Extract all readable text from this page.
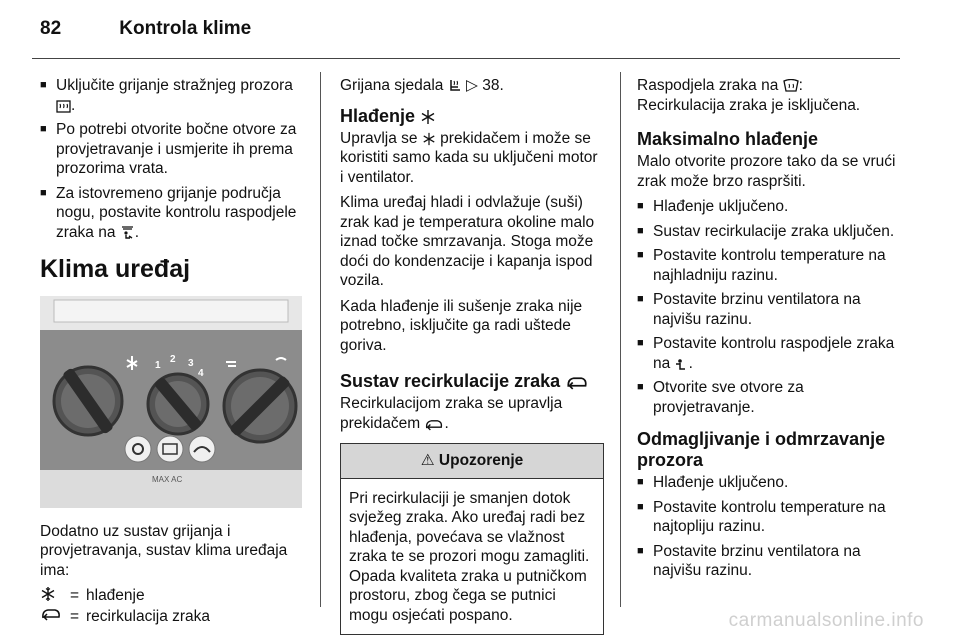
82	Kontrola klime
■ Uključite grijanje stražnjeg prozora .
■ Po potrebi otvorite bočne otvore za provjetravanje i usmjerite ih prema prozorima vrata.
■ Za istovremeno grijanje područja nogu, postavite kontrolu raspodjele zraka na .
Klima uređaj
1
2 3
4
MAX AC

Dodatno uz sustav grijanja i provjetravanja, sustav klima uređaja ima:

= hlađenje
= recirkulacija zraka

Grijana sjedala ▷ 38.

Hlađenje

Upravlja se prekidačem i može se koristiti samo kada su uključeni motor i ventilator.

Klima uređaj hladi i odvlažuje (suši) zrak kad je temperatura okoline malo iznad točke smrzavanja. Stoga može doći do kondenzacije i kapanja ispod vozila.

Kada hlađenje ili sušenje zraka nije potrebno, isključite ga radi uštede goriva.

Sustav recirkulacije zraka

Recirkulacijom zraka se upravlja prekidačem .

⚠ Upozorenje
Pri recirkulaciji je smanjen dotok svježeg zraka. Ako uređaj radi bez hlađenja, povećava se vlažnost zraka te se prozori mogu zamagliti. Opada kvaliteta zraka u putničkom prostoru, zbog čega se putnici mogu osjećati pospano.

Raspodjela zraka na :
Recirkulacija zraka je isključena.

Maksimalno hlađenje

Malo otvorite prozore tako da se vrući zrak može brzo raspršiti.

■ Hlađenje uključeno.
■ Sustav recirkulacije zraka uključen.
■ Postavite kontrolu temperature na najhladniju razinu.
■ Postavite brzinu ventilatora na najvišu razinu.
■ Postavite kontrolu raspodjele zraka na .
■ Otvorite sve otvore za provjetravanje.
Odmagljivanje i odmrzavanje prozora
■ Hlađenje uključeno.
■ Postavite kontrolu temperature na najtopliju razinu.
■ Postavite brzinu ventilatora na najvišu razinu.
carmanualsonline.info
